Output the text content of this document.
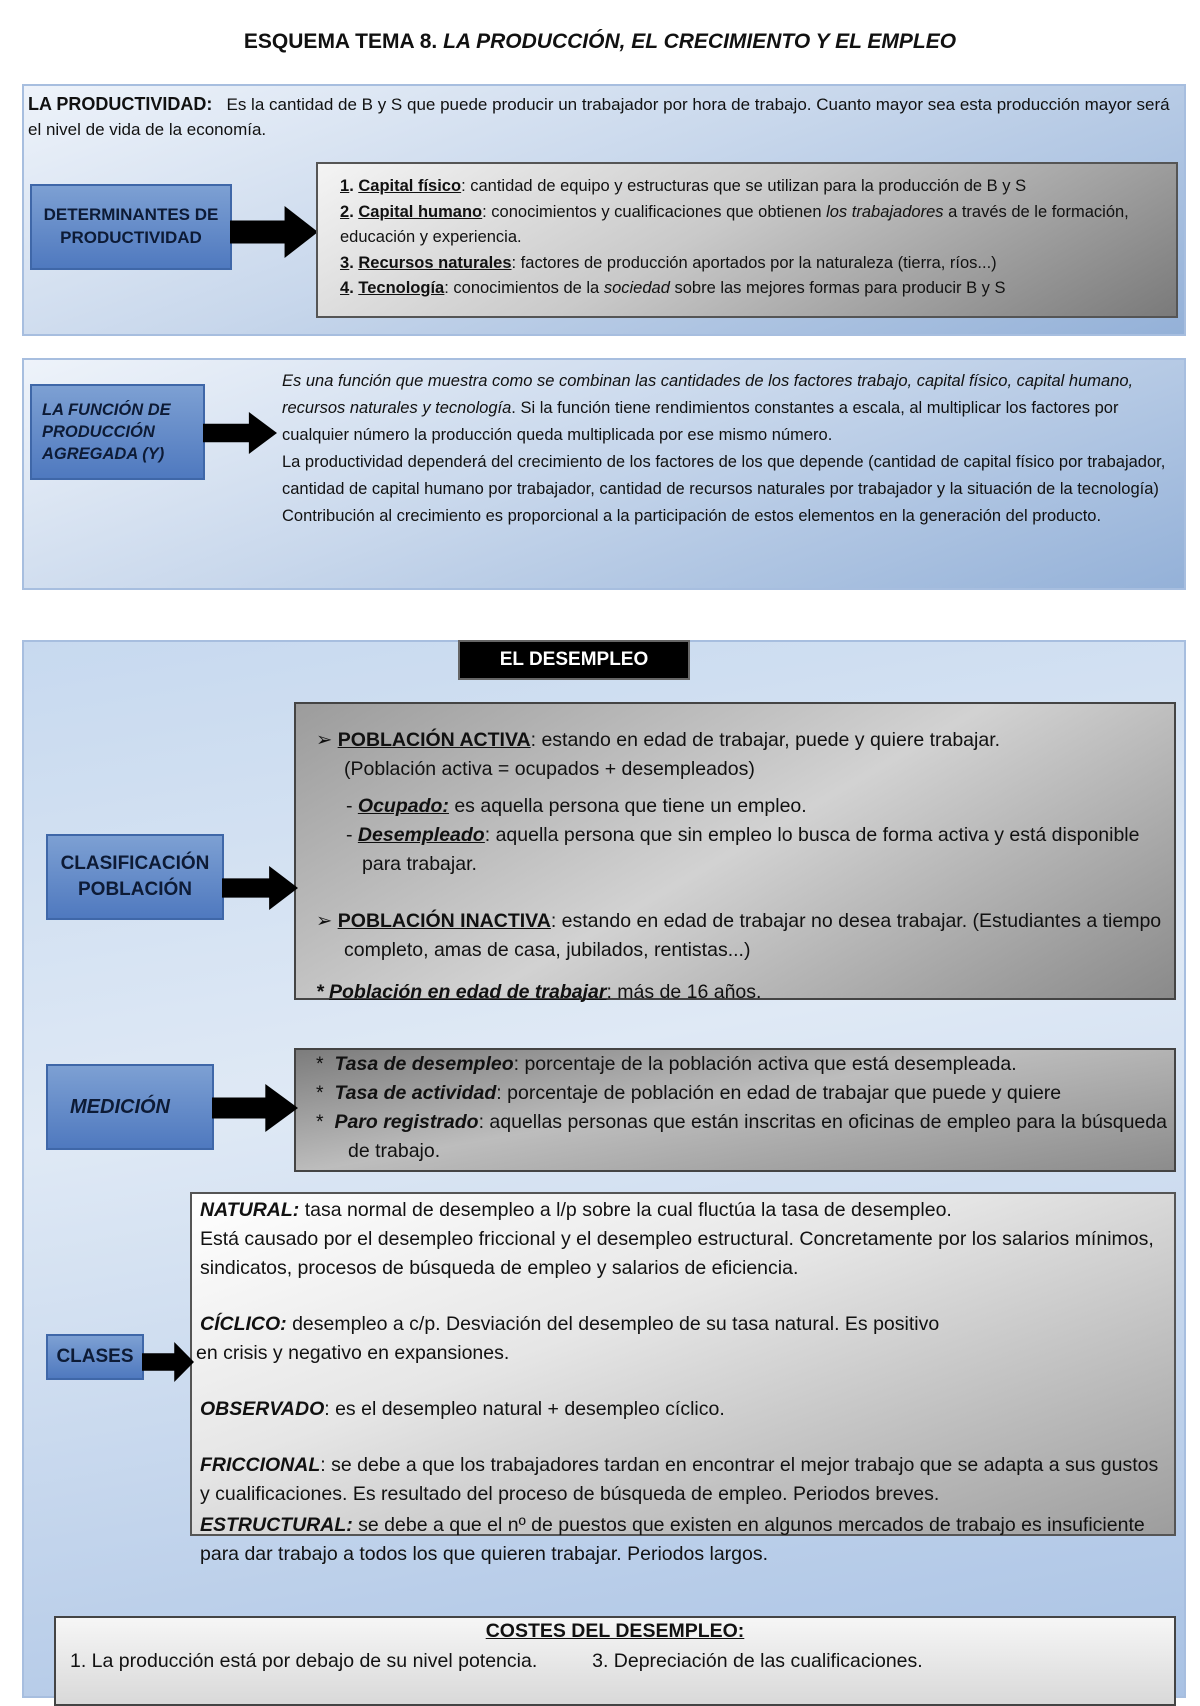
ESQUEMA TEMA 8. LA PRODUCCIÓN, EL CRECIMIENTO Y EL EMPLEO
LA PRODUCTIVIDAD: Es la cantidad de B y S que puede producir un trabajador por hora de trabajo. Cuanto mayor sea esta producción mayor será el nivel de vida de la economía.
DETERMINANTES DE PRODUCTIVIDAD

1. Capital físico: cantidad de equipo y estructuras que se utilizan para la producción de B y S

2. Capital humano: conocimientos y cualificaciones que obtienen los trabajadores a través de le formación, educación y experiencia.

3. Recursos naturales: factores de producción aportados por la naturaleza (tierra, ríos...)

4. Tecnología: conocimientos de la sociedad sobre las mejores formas para producir B y S

LA FUNCIÓN DE PRODUCCIÓN AGREGADA (Y)

Es una función que muestra como se combinan las cantidades de los factores trabajo, capital físico, capital humano, recursos naturales y tecnología. Si la función tiene rendimientos constantes a escala, al multiplicar los factores por cualquier número la producción queda multiplicada por ese mismo número.

La productividad dependerá del crecimiento de los factores de los que depende (cantidad de capital físico por trabajador, cantidad de capital humano por trabajador, cantidad de recursos naturales por trabajador y la situación de la tecnología) Contribución al crecimiento es proporcional a la participación de estos elementos en la generación del producto.

EL DESEMPLEO
CLASIFICACIÓN POBLACIÓN

➢ POBLACIÓN ACTIVA: estando en edad de trabajar, puede y quiere trabajar.

(Población activa = ocupados + desempleados)

- Ocupado: es aquella persona que tiene un empleo.

- Desempleado: aquella persona que sin empleo lo busca de forma activa y está disponible para trabajar.

➢ POBLACIÓN INACTIVA: estando en edad de trabajar no desea trabajar. (Estudiantes a tiempo completo, amas de casa, jubilados, rentistas...)

* Población en edad de trabajar: más de 16 años.
MEDICIÓN

*  Tasa de desempleo: porcentaje de la población activa que está desempleada.

*  Tasa de actividad: porcentaje de población en edad de trabajar que puede y quiere

*  Paro registrado: aquellas personas que están inscritas en oficinas de empleo para la búsqueda de trabajo.

CLASES

NATURAL: tasa normal de desempleo a l/p sobre la cual fluctúa la tasa de desempleo.

Está causado por el desempleo friccional y el desempleo estructural. Concretamente por los salarios mínimos, sindicatos, procesos de búsqueda de empleo y salarios de eficiencia.

CÍCLICO: desempleo a c/p. Desviación del desempleo de su tasa natural. Es positivo

en crisis y negativo en expansiones.

OBSERVADO: es el desempleo natural + desempleo cíclico.

FRICCIONAL: se debe a que los trabajadores tardan en encontrar el mejor trabajo que se adapta a sus gustos y cualificaciones. Es resultado del proceso de búsqueda de empleo. Periodos breves.

ESTRUCTURAL: se debe a que el nº de puestos que existen en algunos mercados de trabajo es insuficiente para dar trabajo a todos los que quieren trabajar. Periodos largos.

COSTES DEL DESEMPLEO:
1. La producción está por debajo de su nivel potencia.	3. Depreciación de las cualificaciones.
